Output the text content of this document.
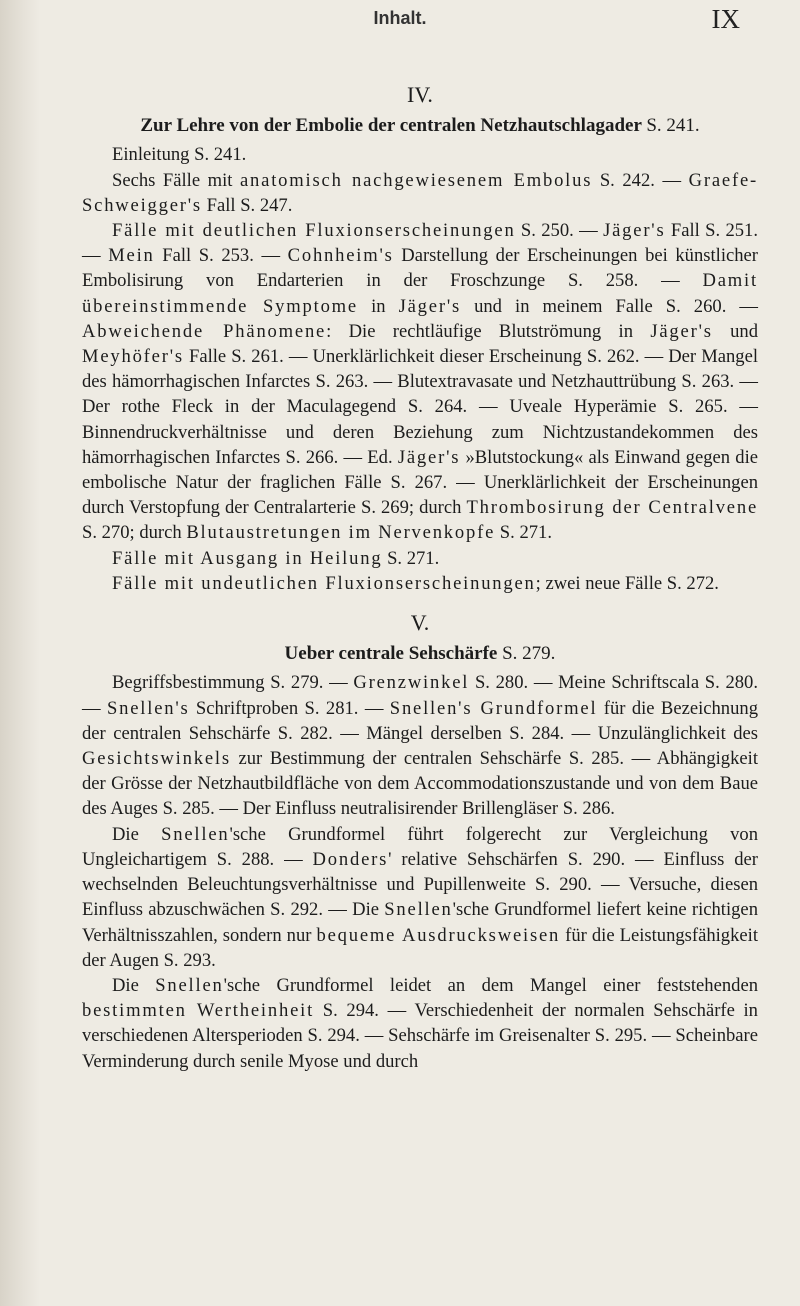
Inhalt.	IX
IV.
Zur Lehre von der Embolie der centralen Netzhautschlagader S. 241.

Einleitung S. 241.

Sechs Fälle mit anatomisch nachgewiesenem Embolus S. 242. — Graefe-Schweigger's Fall S. 247.

Fälle mit deutlichen Fluxionserscheinungen S. 250. — Jäger's Fall S. 251. — Mein Fall S. 253. — Cohnheim's Darstellung der Erscheinungen bei künstlicher Embolisirung von Endarterien in der Froschzunge S. 258. — Damit übereinstimmende Symptome in Jäger's und in meinem Falle S. 260. — Abweichende Phänomene: Die rechtläufige Blutströmung in Jäger's und Meyhöfer's Falle S. 261. — Unerklärlichkeit dieser Erscheinung S. 262. — Der Mangel des hämorrhagischen Infarctes S. 263. — Blutextravasate und Netzhauttrübung S. 263. — Der rothe Fleck in der Maculagegend S. 264. — Uveale Hyperämie S. 265. — Binnendruckverhältnisse und deren Beziehung zum Nichtzustandekommen des hämorrhagischen Infarctes S. 266. — Ed. Jäger's »Blutstockung« als Einwand gegen die embolische Natur der fraglichen Fälle S. 267. — Unerklärlichkeit der Erscheinungen durch Verstopfung der Centralarterie S. 269; durch Thrombosirung der Centralvene S. 270; durch Blutaustretungen im Nervenkopfe S. 271.

Fälle mit Ausgang in Heilung S. 271.

Fälle mit undeutlichen Fluxionserscheinungen; zwei neue Fälle S. 272.

V.
Ueber centrale Sehschärfe S. 279.

Begriffsbestimmung S. 279. — Grenzwinkel S. 280. — Meine Schriftscala S. 280. — Snellen's Schriftproben S. 281. — Snellen's Grundformel für die Bezeichnung der centralen Sehschärfe S. 282. — Mängel derselben S. 284. — Unzulänglichkeit des Gesichtswinkels zur Bestimmung der centralen Sehschärfe S. 285. — Abhängigkeit der Grösse der Netzhautbildfläche von dem Accommodationszustande und von dem Baue des Auges S. 285. — Der Einfluss neutralisirender Brillengläser S. 286.

Die Snellen'sche Grundformel führt folgerecht zur Vergleichung von Ungleichartigem S. 288. — Donders' relative Sehschärfen S. 290. — Einfluss der wechselnden Beleuchtungsverhältnisse und Pupillenweite S. 290. — Versuche, diesen Einfluss abzuschwächen S. 292. — Die Snellen'sche Grundformel liefert keine richtigen Verhältnisszahlen, sondern nur bequeme Ausdrucksweisen für die Leistungsfähigkeit der Augen S. 293.

Die Snellen'sche Grundformel leidet an dem Mangel einer feststehenden bestimmten Wertheinheit S. 294. — Verschiedenheit der normalen Sehschärfe in verschiedenen Altersperioden S. 294. — Sehschärfe im Greisenalter S. 295. — Scheinbare Verminderung durch senile Myose und durch
